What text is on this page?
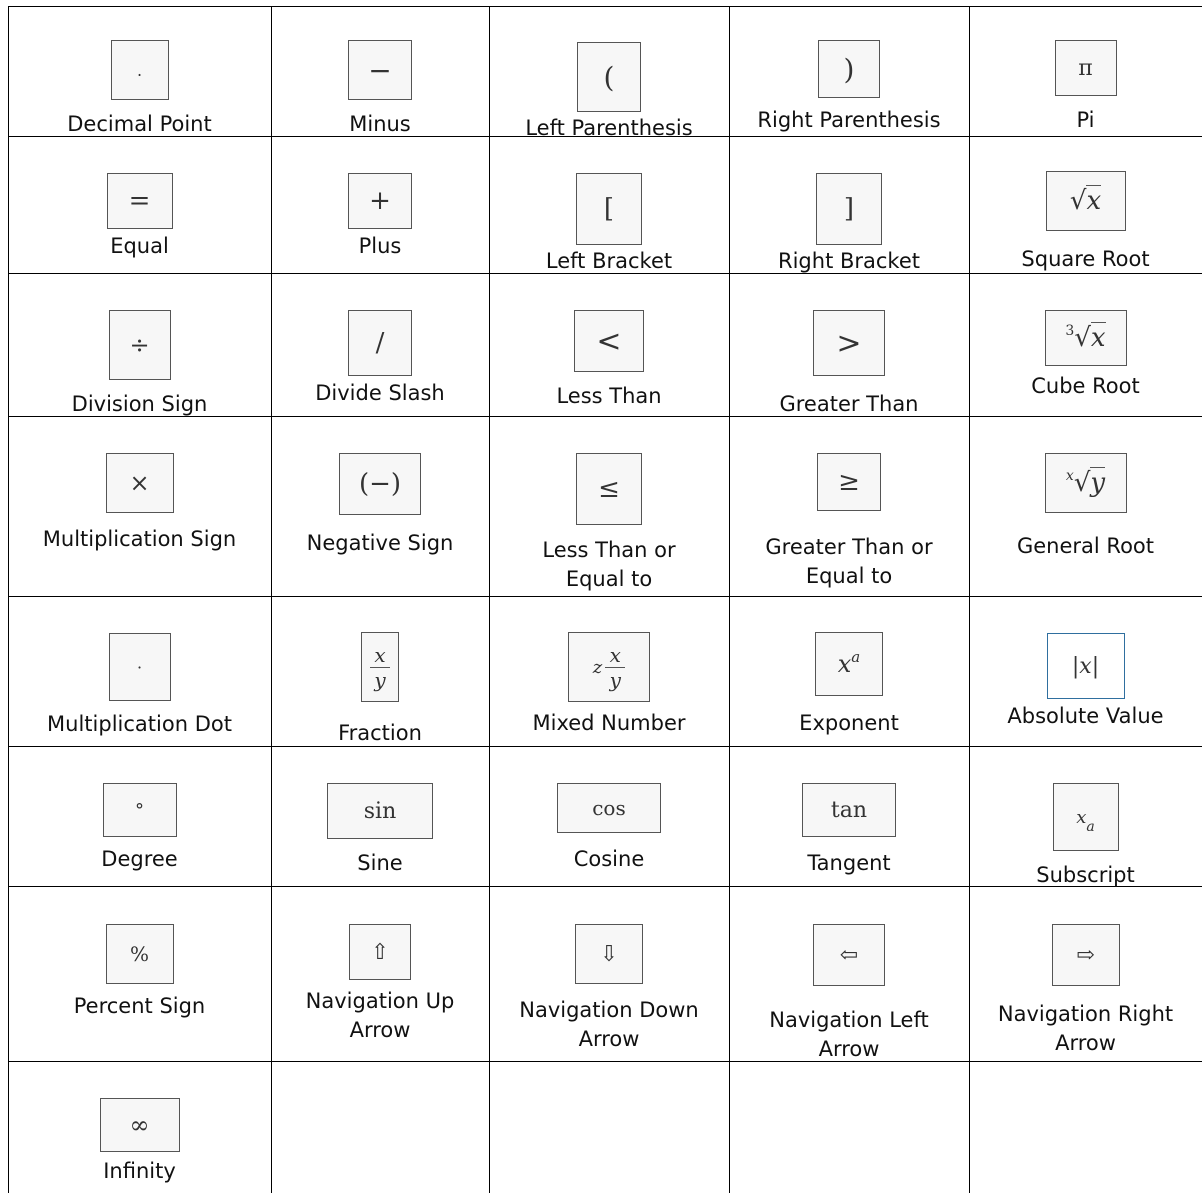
.
Decimal Point
−
Minus
(
Left Parenthesis
)
Right Parenthesis
π
Pi
=
Equal
+
Plus
[
Left Bracket
]
Right Bracket
√x
Square Root
÷
Division Sign
/
Divide Slash
<
Less Than
>
Greater Than
$^3$√x
Cube Root
×
Multiplication Sign
(−)
Negative Sign
≤
Less Than or
Equal to
≥
Greater Than or
Equal to
$^x$√y
General Root
·
Multiplication Dot
$\frac{x}{y}$
Fraction
z $\frac{x}{y}$
Mixed Number
xa
Exponent
|x|
Absolute Value
°
Degree
sin
Sine
cos
Cosine
tan
Tangent
xa
Subscript
%
Percent Sign
⇧
Navigation Up
Arrow
⇩
Navigation Down
Arrow
⇦
Navigation Left
Arrow
⇨
Navigation Right
Arrow
∞
Infinity
